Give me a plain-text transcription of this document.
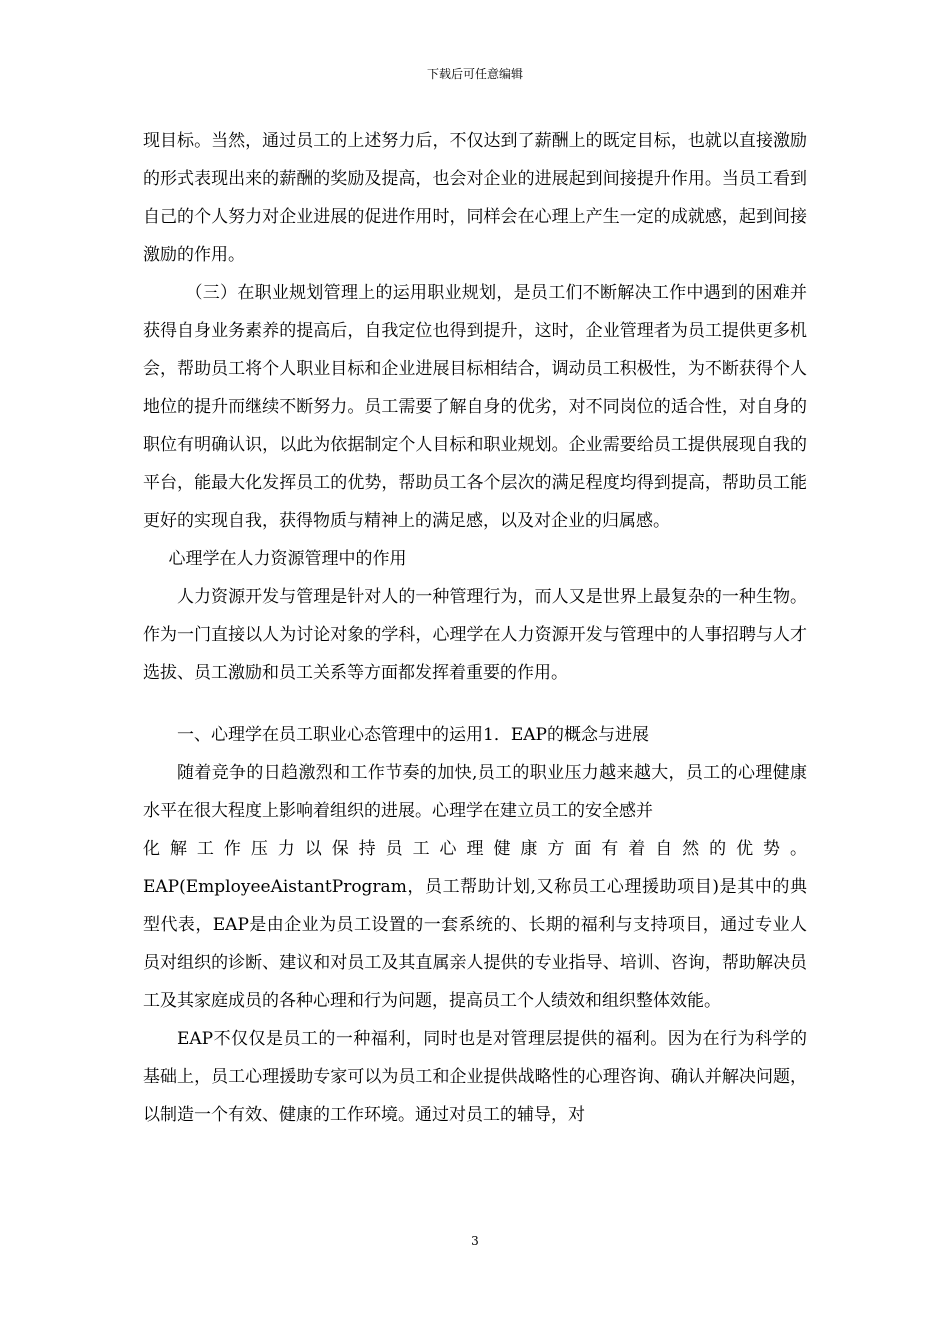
下载后可任意编辑

现目标。当然，通过员工的上述努力后，不仅达到了薪酬上的既定目标，也就以直接激励的形式表现出来的薪酬的奖励及提高，也会对企业的进展起到间接提升作用。当员工看到自己的个人努力对企业进展的促进作用时，同样会在心理上产生一定的成就感，起到间接激励的作用。

（三）在职业规划管理上的运用职业规划，是员工们不断解决工作中遇到的困难并获得自身业务素养的提高后，自我定位也得到提升，这时，企业管理者为员工提供更多机会，帮助员工将个人职业目标和企业进展目标相结合，调动员工积极性，为不断获得个人地位的提升而继续不断努力。员工需要了解自身的优劣，对不同岗位的适合性，对自身的职位有明确认识，以此为依据制定个人目标和职业规划。企业需要给员工提供展现自我的平台，能最大化发挥员工的优势，帮助员工各个层次的满足程度均得到提高，帮助员工能更好的实现自我，获得物质与精神上的满足感，以及对企业的归属感。

心理学在人力资源管理中的作用

人力资源开发与管理是针对人的一种管理行为，而人又是世界上最复杂的一种生物。作为一门直接以人为讨论对象的学科，心理学在人力资源开发与管理中的人事招聘与人才选拔、员工激励和员工关系等方面都发挥着重要的作用。

一、心理学在员工职业心态管理中的运用1．EAP的概念与进展

随着竞争的日趋激烈和工作节奏的加快,员工的职业压力越来越大，员工的心理健康水平在很大程度上影响着组织的进展。心理学在建立员工的安全感并

化解工作压力以保持员工心理健康方面有着自然的优势。

EAP(EmployeeAistantProgram，员工帮助计划,又称员工心理援助项目)是其中的典型代表，EAP是由企业为员工设置的一套系统的、长期的福利与支持项目，通过专业人员对组织的诊断、建议和对员工及其直属亲人提供的专业指导、培训、咨询，帮助解决员工及其家庭成员的各种心理和行为问题，提高员工个人绩效和组织整体效能。

EAP不仅仅是员工的一种福利，同时也是对管理层提供的福利。因为在行为科学的基础上，员工心理援助专家可以为员工和企业提供战略性的心理咨询、确认并解决问题，以制造一个有效、健康的工作环境。通过对员工的辅导，对

3
